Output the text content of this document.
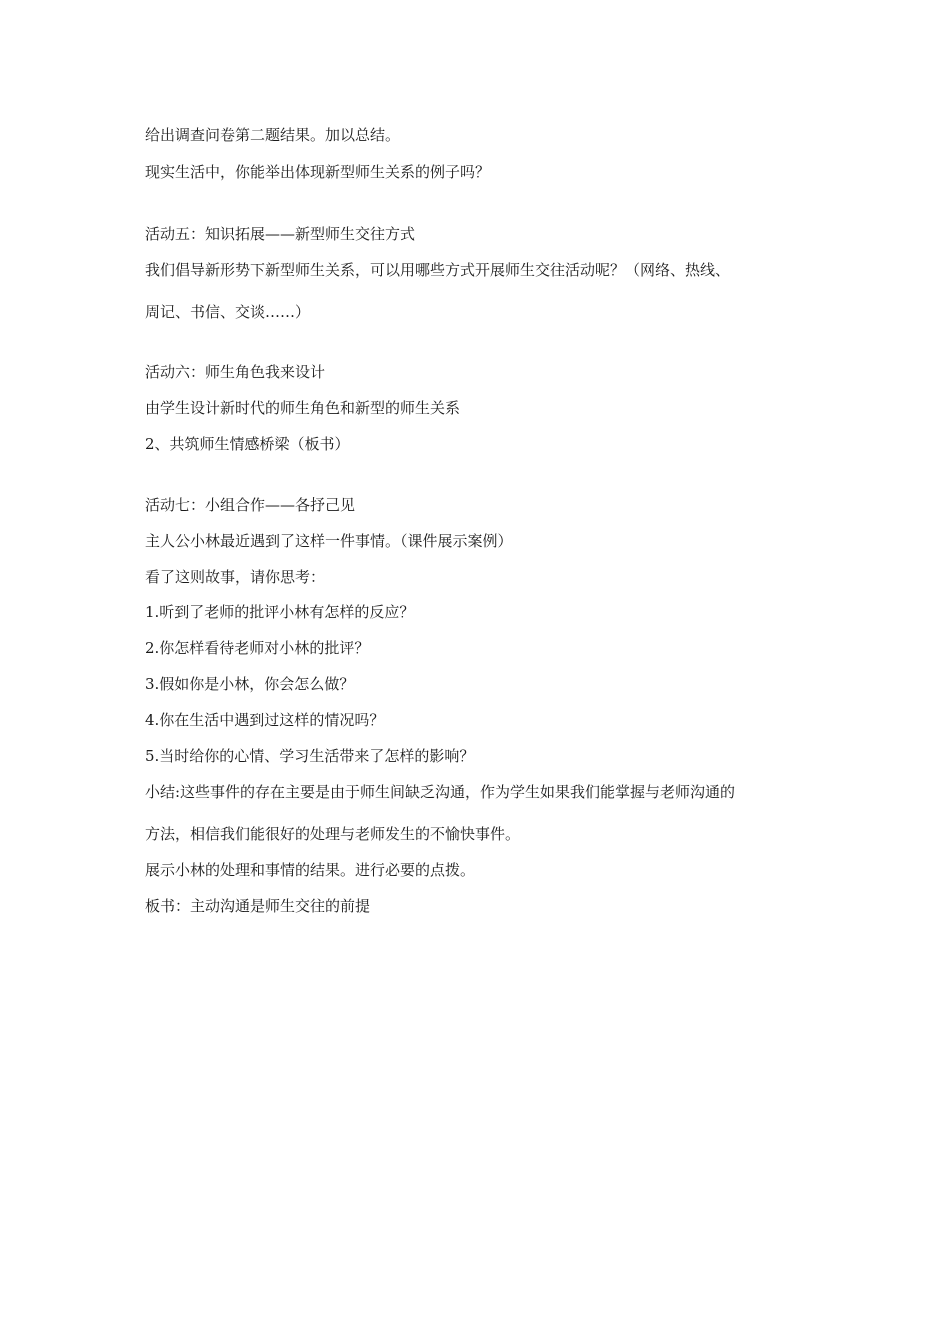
给出调查问卷第二题结果。加以总结。
现实生活中，你能举出体现新型师生关系的例子吗？
活动五：知识拓展——新型师生交往方式
我们倡导新形势下新型师生关系，可以用哪些方式开展师生交往活动呢？（网络、热线、
周记、书信、交谈……）
活动六：师生角色我来设计
由学生设计新时代的师生角色和新型的师生关系
2、共筑师生情感桥梁（板书）
活动七：小组合作——各抒己见
主人公小林最近遇到了这样一件事情。（课件展示案例）
看了这则故事，请你思考：
1.听到了老师的批评小林有怎样的反应？
2.你怎样看待老师对小林的批评？
3.假如你是小林，你会怎么做？
4.你在生活中遇到过这样的情况吗？
5.当时给你的心情、学习生活带来了怎样的影响？
小结:这些事件的存在主要是由于师生间缺乏沟通，作为学生如果我们能掌握与老师沟通的
方法，相信我们能很好的处理与老师发生的不愉快事件。
展示小林的处理和事情的结果。进行必要的点拨。
板书：主动沟通是师生交往的前提
